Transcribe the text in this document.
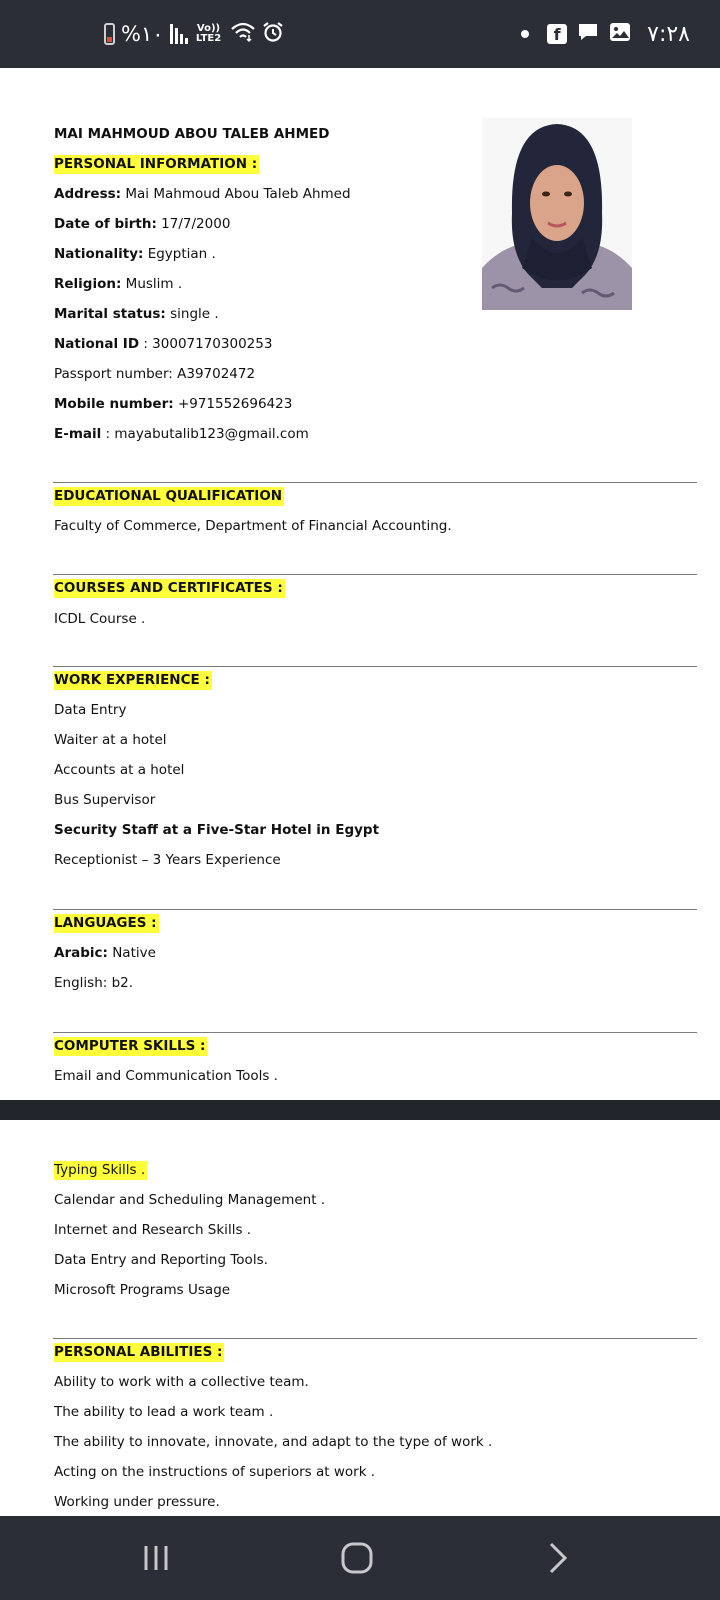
%١٠	Vo)) LTE2	f	٧:٢٨
MAI MAHMOUD ABOU TALEB AHMED
PERSONAL INFORMATION :
Address: Mai Mahmoud Abou Taleb Ahmed
Date of birth: 17/7/2000
Nationality: Egyptian .
Religion: Muslim .
Marital status: single .
National ID : 30007170300253
Passport number: A39702472
Mobile number: +971552696423
E-mail : mayabutalib123@gmail.com
EDUCATIONAL QUALIFICATION
Faculty of Commerce, Department of Financial Accounting.
COURSES AND CERTIFICATES :
ICDL Course .
WORK EXPERIENCE :
Data Entry
Waiter at a hotel
Accounts at a hotel
Bus Supervisor
Security Staff at a Five-Star Hotel in Egypt
Receptionist – 3 Years Experience
LANGUAGES :
Arabic: Native
English: b2.
COMPUTER SKILLS :
Email and Communication Tools .
Typing Skills .
Calendar and Scheduling Management .
Internet and Research Skills .
Data Entry and Reporting Tools.
Microsoft Programs Usage
PERSONAL ABILITIES :
Ability to work with a collective team.
The ability to lead a work team .
The ability to innovate, innovate, and adapt to the type of work .
Acting on the instructions of superiors at work .
Working under pressure.
